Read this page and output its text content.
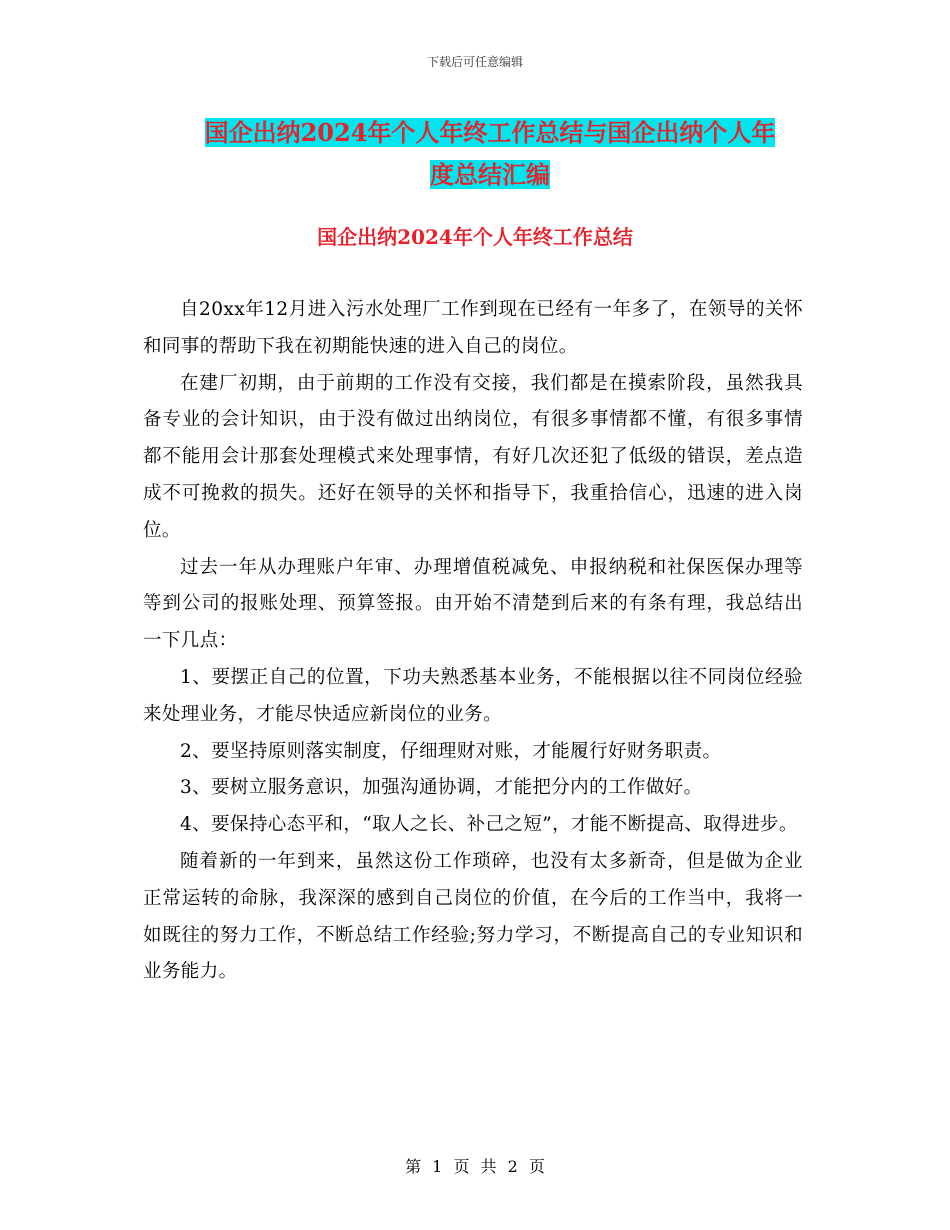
下载后可任意编辑
国企出纳2024年个人年终工作总结与国企出纳个人年
度总结汇编
国企出纳2024年个人年终工作总结

自20xx年12月进入污水处理厂工作到现在已经有一年多了，在领导的关怀和同事的帮助下我在初期能快速的进入自己的岗位。

在建厂初期，由于前期的工作没有交接，我们都是在摸索阶段，虽然我具备专业的会计知识，由于没有做过出纳岗位，有很多事情都不懂，有很多事情都不能用会计那套处理模式来处理事情，有好几次还犯了低级的错误，差点造成不可挽救的损失。还好在领导的关怀和指导下，我重拾信心，迅速的进入岗位。

过去一年从办理账户年审、办理增值税减免、申报纳税和社保医保办理等等到公司的报账处理、预算签报。由开始不清楚到后来的有条有理，我总结出一下几点：

1、要摆正自己的位置，下功夫熟悉基本业务，不能根据以往不同岗位经验来处理业务，才能尽快适应新岗位的业务。

2、要坚持原则落实制度，仔细理财对账，才能履行好财务职责。

3、要树立服务意识，加强沟通协调，才能把分内的工作做好。

4、要保持心态平和，“取人之长、补己之短”，才能不断提高、取得进步。

随着新的一年到来，虽然这份工作琐碎，也没有太多新奇，但是做为企业正常运转的命脉，我深深的感到自己岗位的价值，在今后的工作当中，我将一如既往的努力工作，不断总结工作经验;努力学习，不断提高自己的专业知识和业务能力。

第 1 页 共 2 页
